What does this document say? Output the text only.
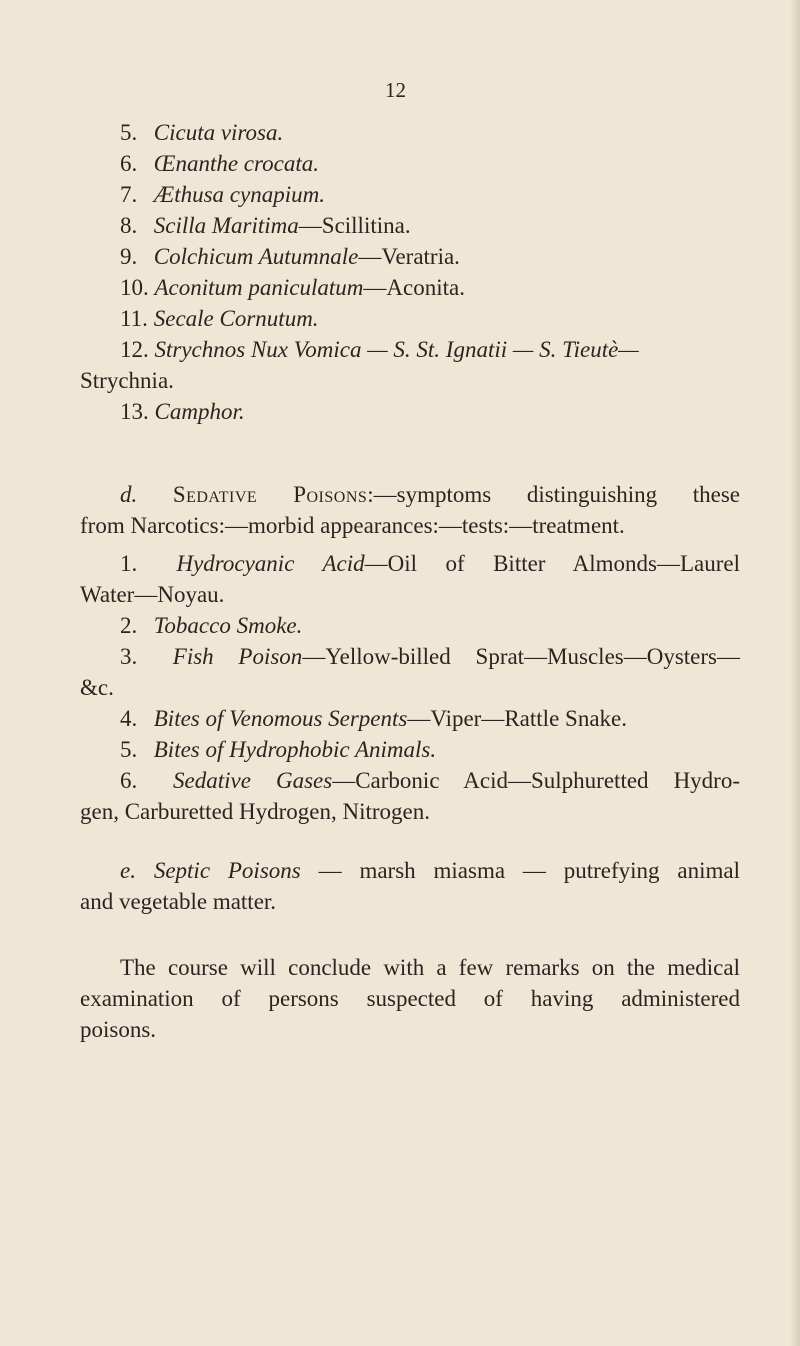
12
5. Cicuta virosa.
6. Œnanthe crocata.
7. Æthusa cynapium.
8. Scilla Maritima—Scillitina.
9. Colchicum Autumnale—Veratria.
10. Aconitum paniculatum—Aconita.
11. Secale Cornutum.
12. Strychnos Nux Vomica — S. St. Ignatii — S. Tieutè—
Strychnia.
13. Camphor.
d. Sedative Poisons:—symptoms distinguishing these
from Narcotics:—morbid appearances:—tests:—treatment.
1. Hydrocyanic Acid—Oil of Bitter Almonds—Laurel
Water—Noyau.
2. Tobacco Smoke.
3. Fish Poison—Yellow-billed Sprat—Muscles—Oysters—
&c.
4. Bites of Venomous Serpents—Viper—Rattle Snake.
5. Bites of Hydrophobic Animals.
6. Sedative Gases—Carbonic Acid—Sulphuretted Hydro-
gen, Carburetted Hydrogen, Nitrogen.
e. Septic Poisons — marsh miasma — putrefying animal
and vegetable matter.
The course will conclude with a few remarks on the medical
examination of persons suspected of having administered
poisons.
